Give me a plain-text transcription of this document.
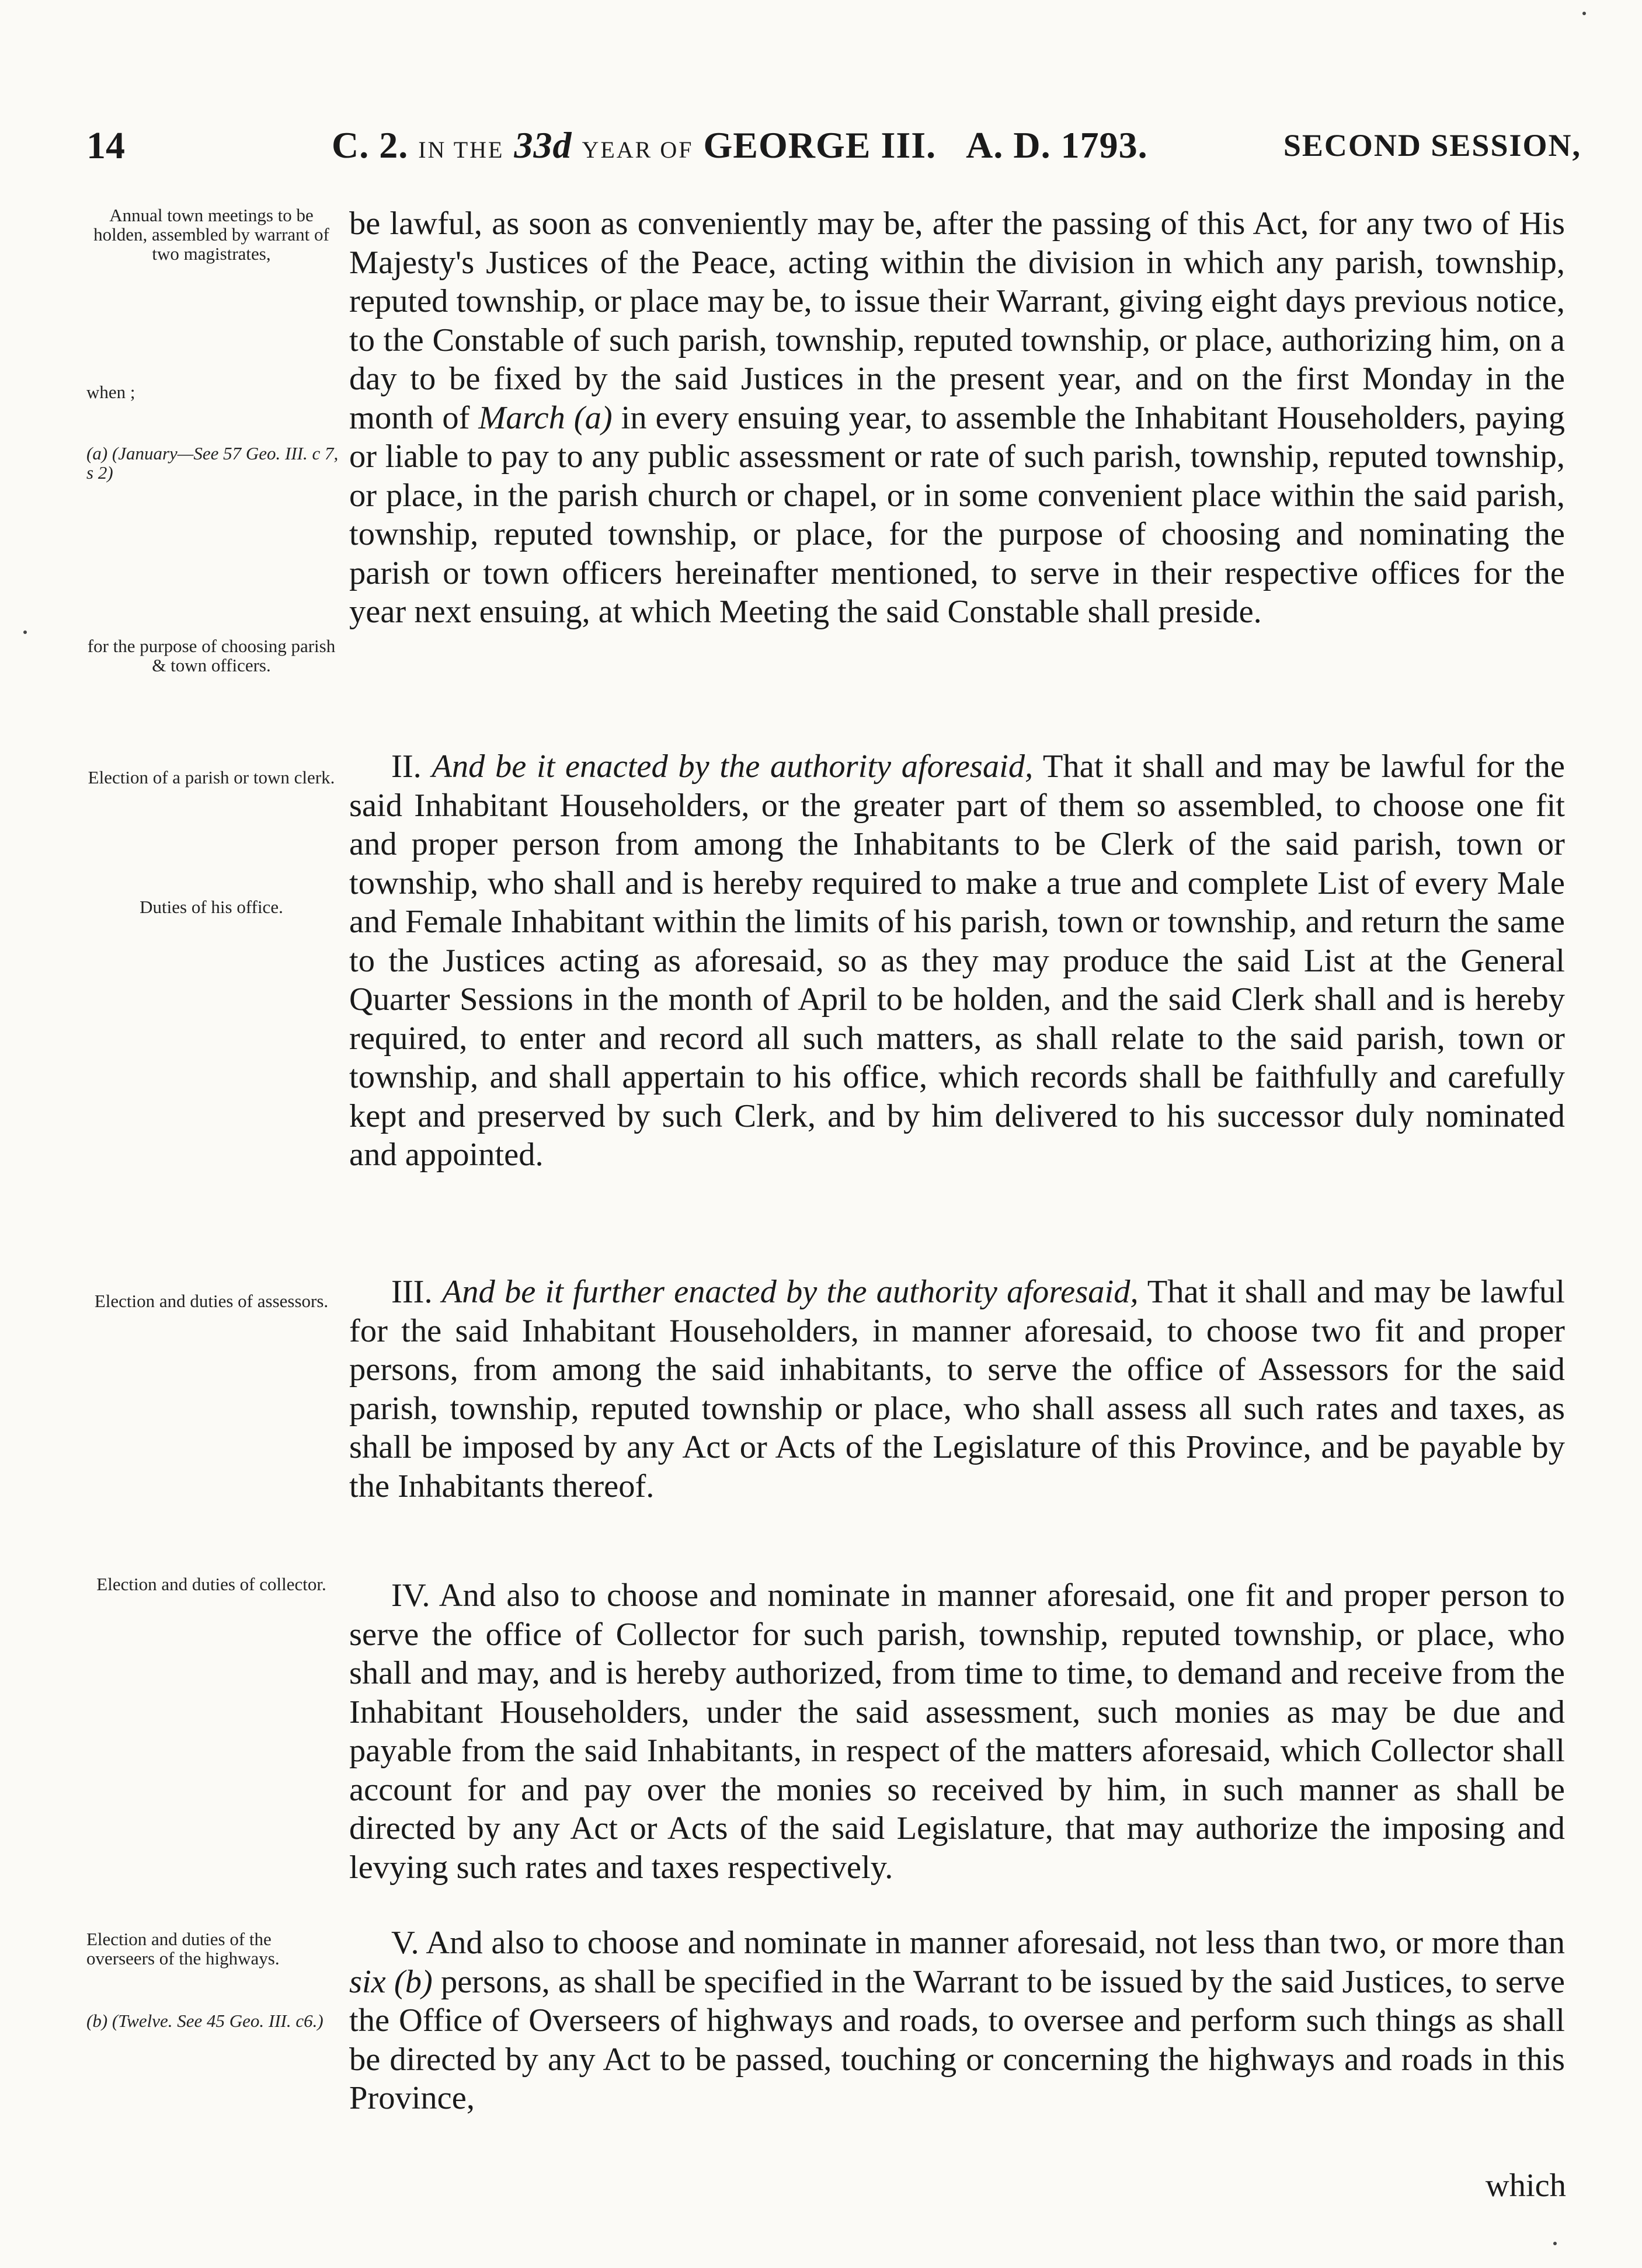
14	C. 2. IN THE 33d YEAR OF GEORGE III. A. D. 1793.	SECOND SESSION,
Annual town meetings to be holden, assembled by warrant of two magistrates,
when ;
(a) (January—See 57 Geo. III. c 7, s 2)
for the purpose of choosing parish & town officers.
Election of a parish or town clerk.
Duties of his office.
Election and duties of assessors.
Election and duties of collector.
Election and duties of the overseers of the highways.
(b) (Twelve. See 45 Geo. III. c6.)
be lawful, as soon as conveniently may be, after the passing of this Act, for any two of His Majesty's Justices of the Peace, acting within the division in which any parish, township, reputed township, or place may be, to issue their Warrant, giving eight days previous notice, to the Constable of such parish, township, reputed township, or place, authorizing him, on a day to be fixed by the said Justices in the present year, and on the first Monday in the month of March (a) in every ensuing year, to assemble the Inhabitant Householders, paying or liable to pay to any public assessment or rate of such parish, township, reputed township, or place, in the parish church or chapel, or in some convenient place within the said parish, township, reputed township, or place, for the purpose of choosing and nominating the parish or town officers hereinafter mentioned, to serve in their respective offices for the year next ensuing, at which Meeting the said Constable shall preside.
II. And be it enacted by the authority aforesaid, That it shall and may be lawful for the said Inhabitant Householders, or the greater part of them so assembled, to choose one fit and proper person from among the Inhabitants to be Clerk of the said parish, town or township, who shall and is hereby required to make a true and complete List of every Male and Female Inhabitant within the limits of his parish, town or township, and return the same to the Justices acting as aforesaid, so as they may produce the said List at the General Quarter Sessions in the month of April to be holden, and the said Clerk shall and is hereby required, to enter and record all such matters, as shall relate to the said parish, town or township, and shall appertain to his office, which records shall be faithfully and carefully kept and preserved by such Clerk, and by him delivered to his successor duly nominated and appointed.
III. And be it further enacted by the authority aforesaid, That it shall and may be lawful for the said Inhabitant Householders, in manner aforesaid, to choose two fit and proper persons, from among the said inhabitants, to serve the office of Assessors for the said parish, township, reputed township or place, who shall assess all such rates and taxes, as shall be imposed by any Act or Acts of the Legislature of this Province, and be payable by the Inhabitants thereof.
IV. And also to choose and nominate in manner aforesaid, one fit and proper person to serve the office of Collector for such parish, township, reputed township, or place, who shall and may, and is hereby authorized, from time to time, to demand and receive from the Inhabitant Householders, under the said assessment, such monies as may be due and payable from the said Inhabitants, in respect of the matters aforesaid, which Collector shall account for and pay over the monies so received by him, in such manner as shall be directed by any Act or Acts of the said Legislature, that may authorize the imposing and levying such rates and taxes respectively.
V. And also to choose and nominate in manner aforesaid, not less than two, or more than six (b) persons, as shall be specified in the Warrant to be issued by the said Justices, to serve the Office of Overseers of highways and roads, to oversee and perform such things as shall be directed by any Act to be passed, touching or concerning the highways and roads in this Province,
which
